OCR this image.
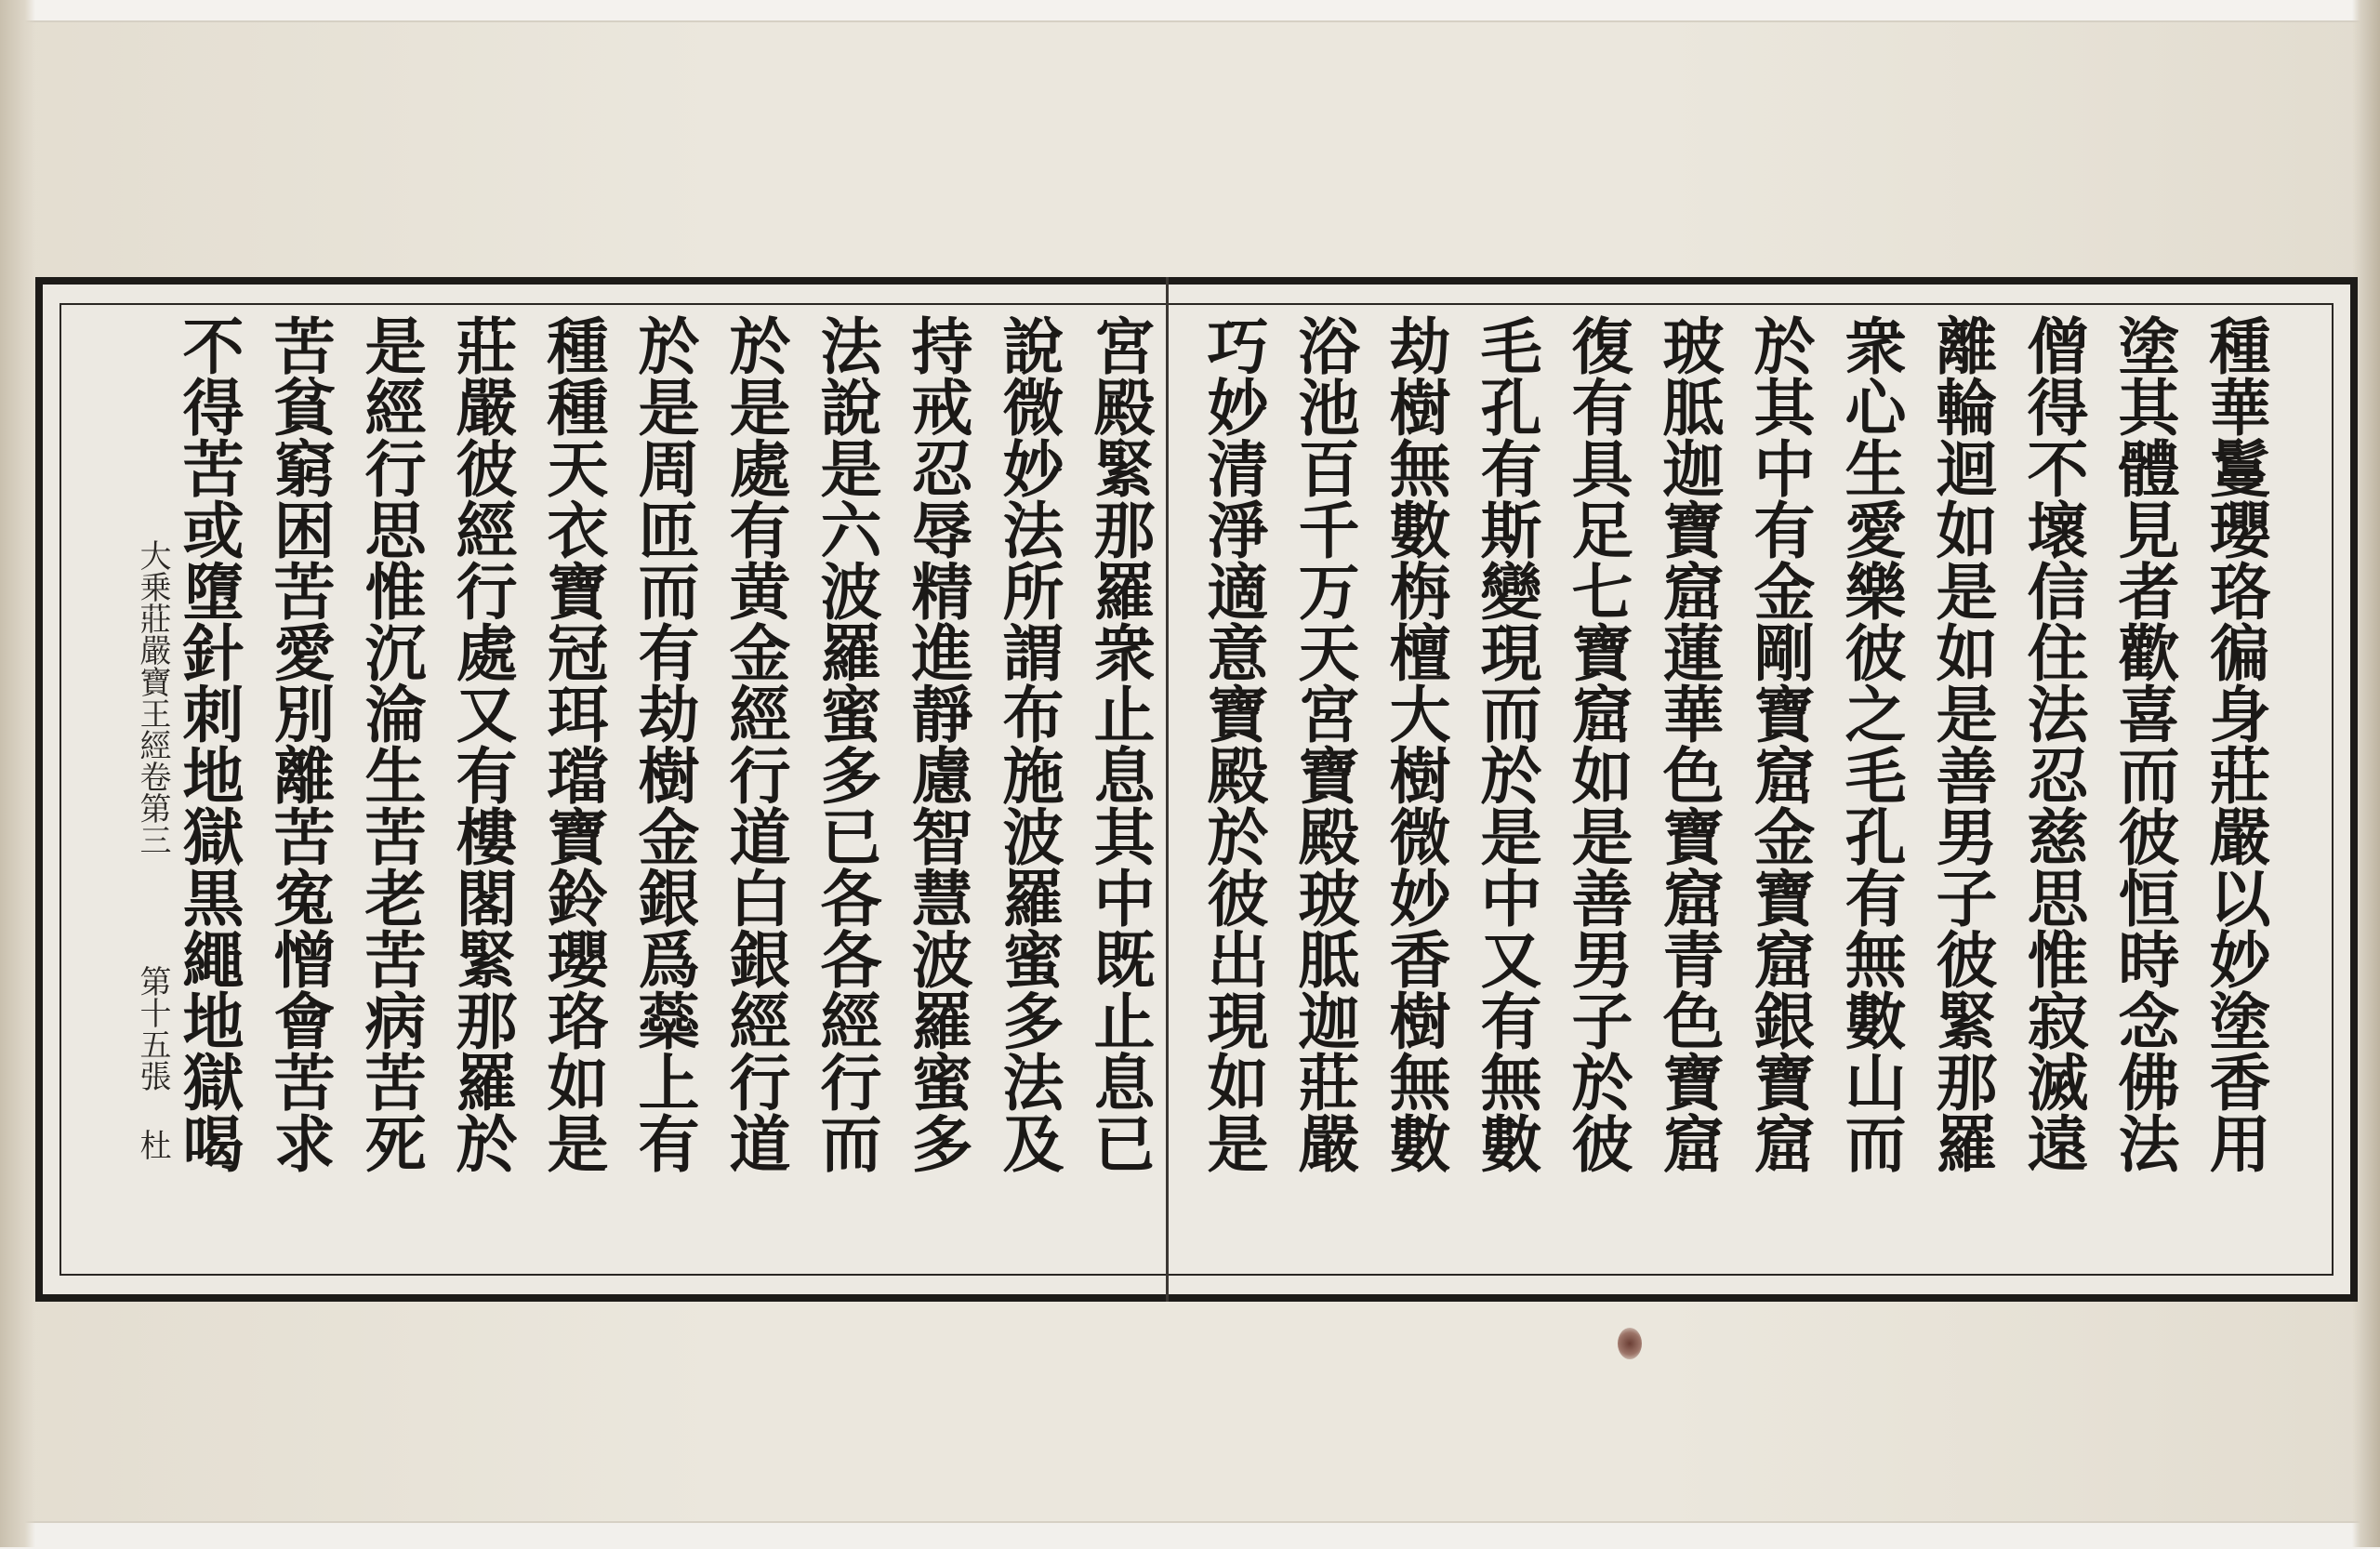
大乗莊嚴寶王經卷第三
第十五張 杜	種華鬘瓔珞徧身莊嚴以妙塗香用
塗其體見者歡喜而彼恒時念佛法
僧得不壞信住法忍慈思惟寂滅遠
離輪迴如是如是善男子彼緊那羅
衆心生愛樂彼之毛孔有無數山而
於其中有金剛寶窟金寶窟銀寶窟
玻胝迦寶窟蓮華色寶窟青色寶窟
復有具足七寶窟如是善男子於彼
毛孔有斯變現而於是中又有無數
劫樹無數栴檀大樹微妙香樹無數
浴池百千万天宮寶殿玻胝迦莊嚴
巧妙清淨適意寶殿於彼出現如是
宮殿緊那羅衆止息其中既止息已
說微妙法所謂布施波羅蜜多法及
持戒忍辱精進靜慮智慧波羅蜜多
法說是六波羅蜜多已各各經行而
於是處有黄金經行道白銀經行道
於是周匝而有劫樹金銀爲蘂上有
種種天衣寶冠珥璫寶鈴瓔珞如是
莊嚴彼經行處又有樓閣緊那羅於
是經行思惟沉淪生苦老苦病苦死
苦貧窮困苦愛別離苦寃憎會苦求
不得苦或墮針刺地獄黒繩地獄喝
